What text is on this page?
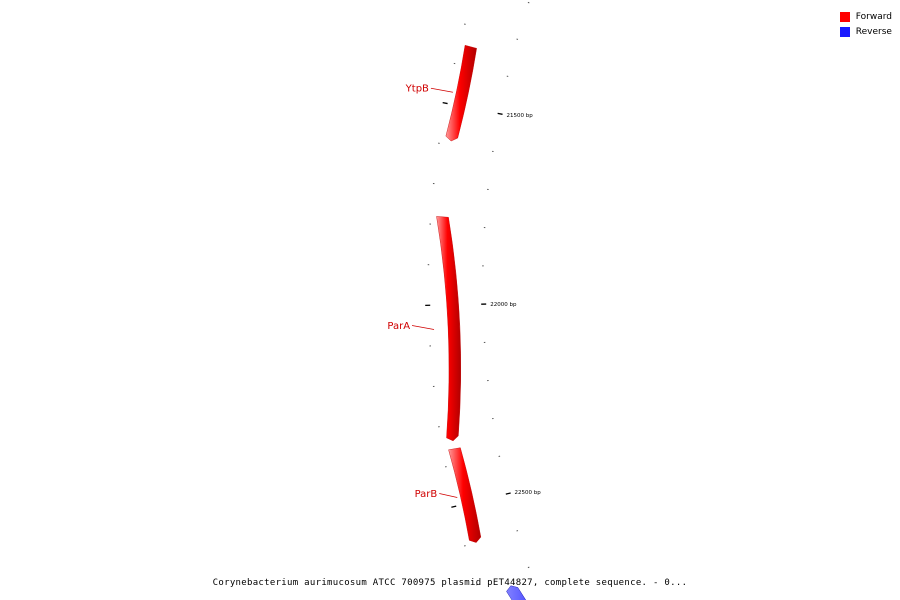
21500 bp
22000 bp
22500 bp
ParB
ParA
YtpB
Forward
Reverse
Corynebacterium aurimucosum ATCC 700975 plasmid pET44827, complete sequence. - 0...
